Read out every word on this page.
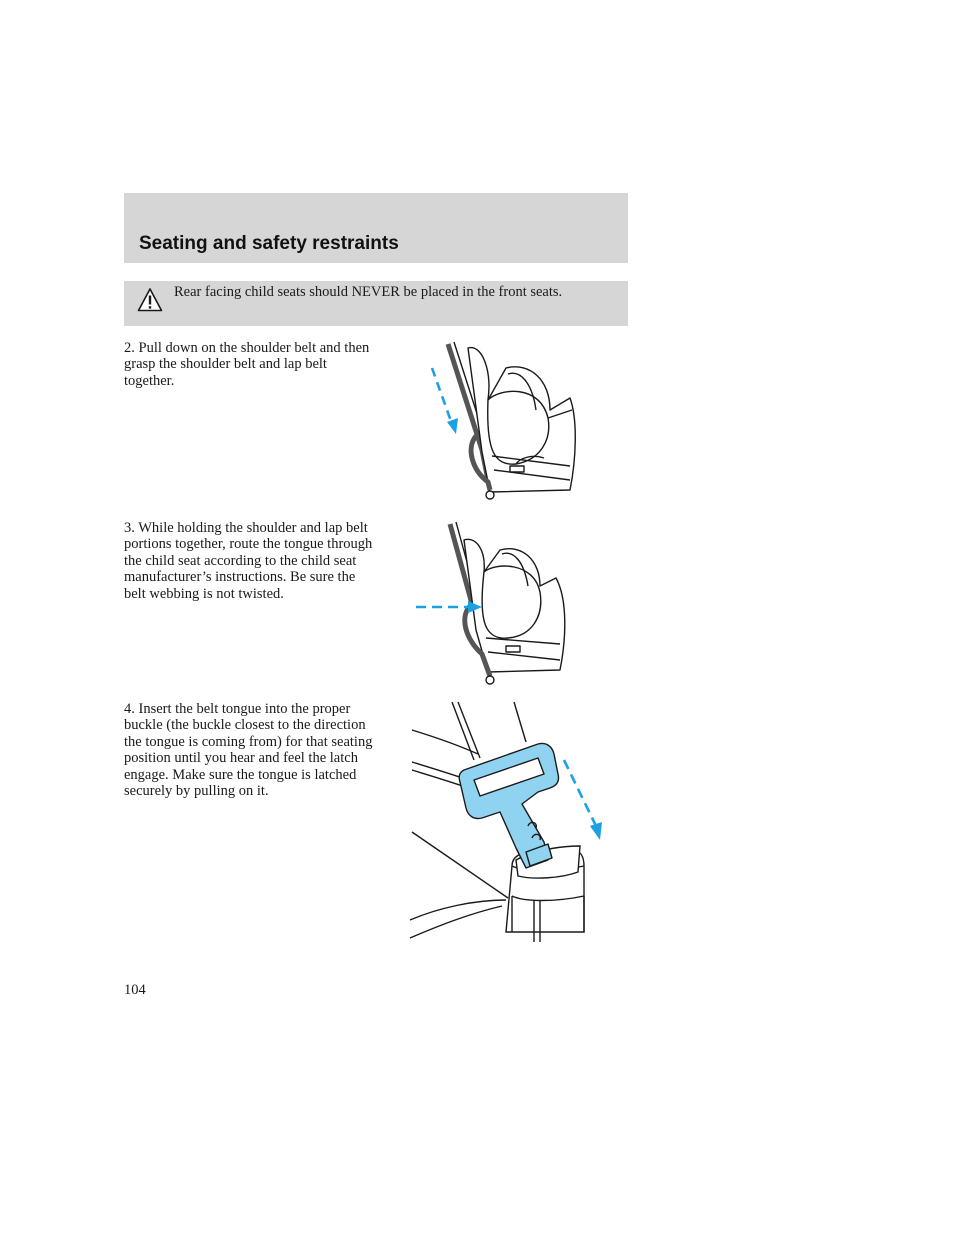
Seating and safety restraints
Rear facing child seats should NEVER be placed in the front seats.
2. Pull down on the shoulder belt and then grasp the shoulder belt and lap belt together.
3. While holding the shoulder and lap belt portions together, route the tongue through the child seat according to the child seat manufacturer’s instructions. Be sure the belt webbing is not twisted.
4. Insert the belt tongue into the proper buckle (the buckle closest to the direction the tongue is coming from) for that seating position until you hear and feel the latch engage. Make sure the tongue is latched securely by pulling on it.
104
